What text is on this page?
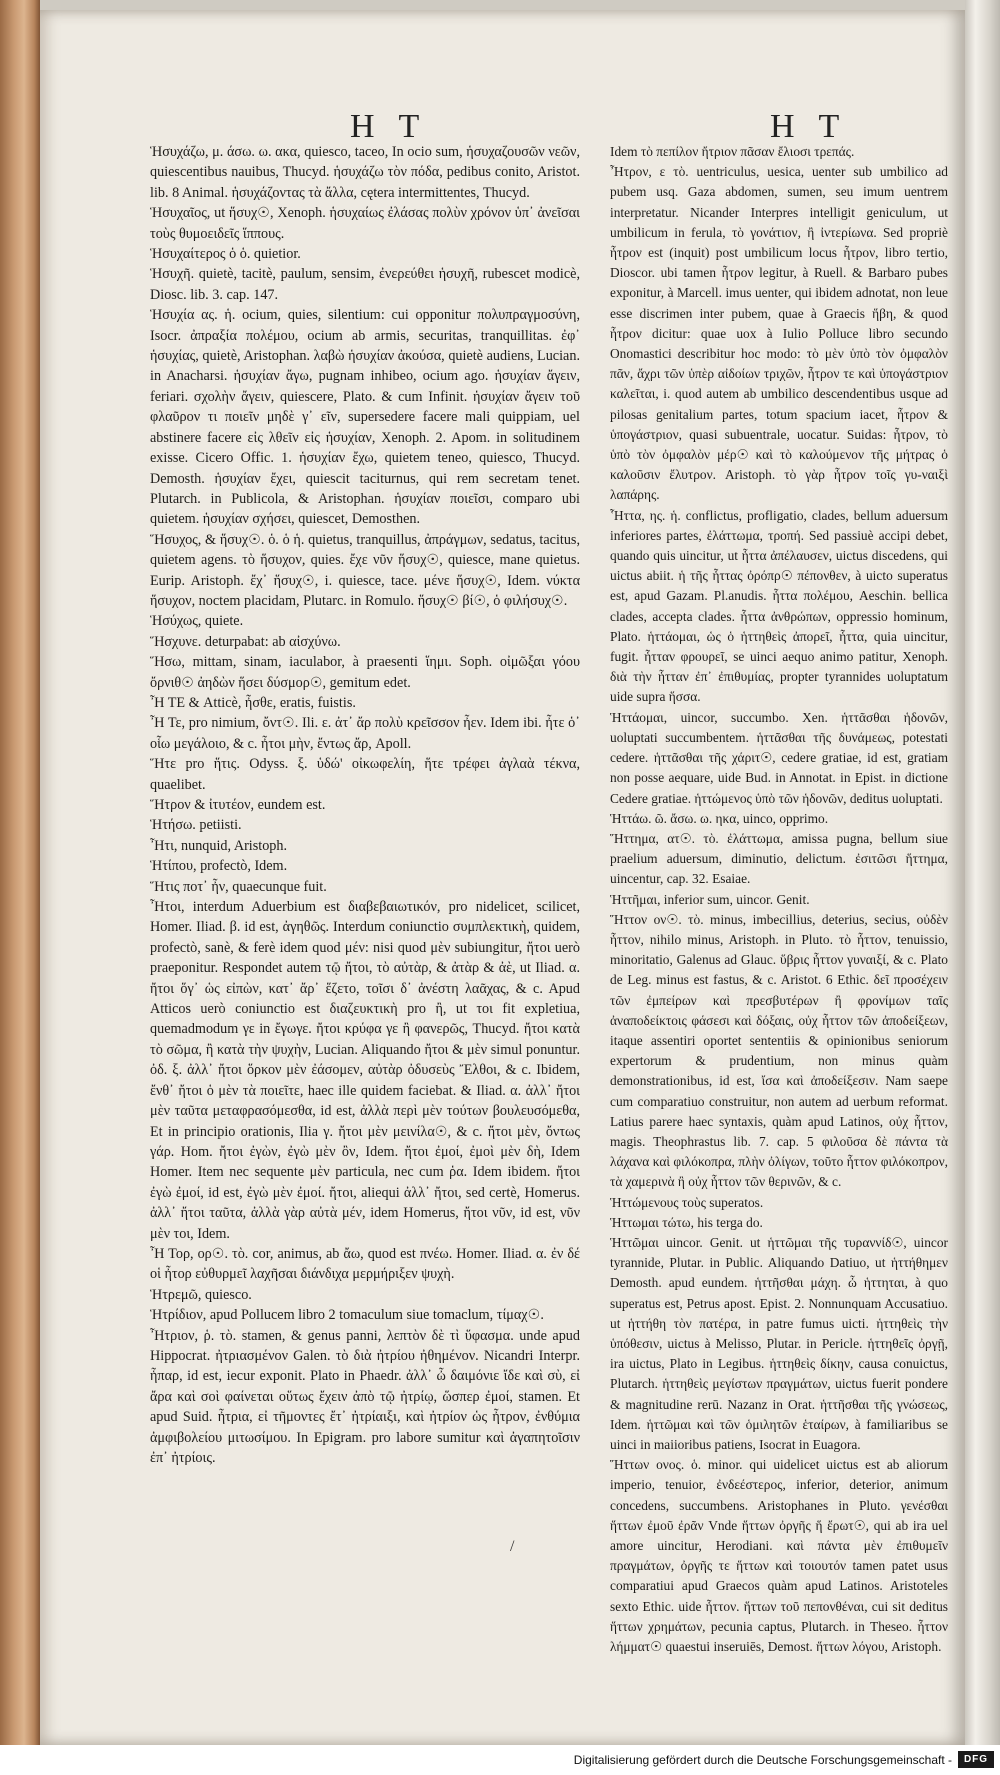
H T	H T

Ἡσυχάζω, μ. άσω. ω. ακα, quiesco, taceo, In ocio sum, ἡσυχαζουσῶν νεῶν, quiescentibus nauibus, Thucyd. ἡσυχάζω τὸν πόδα, pedibus conito, Aristot. lib. 8 Animal. ἡσυχάζοντας τὰ ἄλλα, cętera intermittentes, Thucyd.

Ἡσυχαῖος, ut ἥσυχ☉, Xenoph. ἡσυχαίως ἐλάσας πολὺν χρόνον ὑπ᾿ ἀνεῖσαι τοὺς θυμοειδεῖς ἵππους.

Ἡσυχαίτερος ὁ ὁ. quietior.

Ἡσυχῆ. quietè, tacitè, paulum, sensim, ἐνερεύθει ἡσυχῆ, rubescet modicè, Diosc. lib. 3. cap. 147.

Ἡσυχία ας. ἡ. ocium, quies, silentium: cui opponitur πολυπραγμοσύνη, Isocr. ἀπραξία πολέμου, ocium ab armis, securitas, tranquillitas. ἐφ᾿ ἡσυχίας, quietè, Aristophan. λαβὼ ἡσυχίαν ἀκούσα, quietè audiens, Lucian. in Anacharsi. ἡσυχίαν ἄγω, pugnam inhibeo, ocium ago. ἡσυχίαν ἄγειν, feriari. σχολὴν ἄγειν, quiescere, Plato. & cum Infinit. ἡσυχίαν ἄγειν τοῦ φλαῦρον τι ποιεῖν μηδὲ γ᾿ εῖν, supersedere facere mali quippiam, uel abstinere facere εἰς λθεῖν εἰς ἡσυχίαν, Xenoph. 2. Apom. in solitudinem exisse. Cicero Offic. 1. ἡσυχίαν ἔχω, quietem teneo, quiesco, Thucyd. Demosth. ἡσυχίαν ἔχει, quiescit taciturnus, qui rem secretam tenet. Plutarch. in Publicola, & Aristophan. ἡσυχίαν ποιεῖσι, comparo ubi quietem. ἡσυχίαν σχήσει, quiescet, Demosthen.

Ἥσυχος, & ἥσυχ☉. ὁ. ὁ ἡ. quietus, tranquillus, ἀπράγμων, sedatus, tacitus, quietem agens. τὸ ἥσυχον, quies. ἔχε νῦν ἥσυχ☉, quiesce, mane quietus. Eurip. Aristoph. ἔχ᾿ ἥσυχ☉, i. quiesce, tace. μένε ἥσυχ☉, Idem. νύκτα ἥσυχον, noctem placidam, Plutarc. in Romulo. ἥσυχ☉ βί☉, ὁ φιλήσυχ☉.

Ἡσύχως, quiete.

Ἥσχυνε. deturpabat: ab αἰσχύνω.

Ἥσω, mittam, sinam, iaculabor, à praesenti ἵημι. Soph. οἰμῶξαι γόου ὄρνιθ☉ ἀηδὼν ἥσει δύσμορ☉, gemitum edet.

Ἦ ΤΕ & Atticè, ἦσθε, eratis, fuistis.

Ἦ Τε, pro nimium, ὄντ☉. Ili. ε. ἀτ᾿ ἄρ πολὺ κρεῖσσον ἦεν. Idem ibi. ἦτε ὁ᾿ οἷω μεγάλοιο, & c. ἦτοι μὴν, ἔντως ἄρ, Apoll.

Ἥτε pro ἥτις. Odyss. ξ. ὑδώ' οἰκωφελίη, ἥτε τρέφει ἀγλαὰ τέκνα, quaelibet.

Ἥτρον & ἰτυτέον, eundem est.

Ἡτήσω. petiisti.

Ἦτι, nunquid, Aristoph.

Ἡτίπου, profectò, Idem.

Ἥτις ποτ᾿ ἦν, quaecunque fuit.

Ἦτοι, interdum Aduerbium est διαβεβαιωτικόν, pro nidelicet, scilicet, Homer. Iliad. β. id est, ἀγηθῶς. Interdum coniunctio συμπλεκτικὴ, quidem, profectò, sanè, & ferè idem quod μέν: nisi quod μὲν subiungitur, ἤτοι uerò praeponitur. Respondet autem τῷ ἤτοι, τὸ αὐτὰρ, & ἀτὰρ & ἀὲ, ut Iliad. α. ἤτοι ὅγ᾿ ὡς εἰπὼν, κατ᾿ ἄρ᾿ ἕζετο, τοῖσι δ᾿ ἀνέστη λαᾶχας, & c. Apud Atticos uerò coniunctio est διαζευκτικὴ pro ἢ, ut τοι fit expletiua, quemadmodum γε in ἔγωγε. ἤτοι κρύφα γε ἢ φανερῶς, Thucyd. ἤτοι κατὰ τὸ σῶμα, ἢ κατὰ τὴν ψυχὴν, Lucian. Aliquando ἤτοι & μὲν simul ponuntur. ὀδ. ξ. ἀλλ᾿ ἤτοι ὅρκον μὲν ἐάσομεν, αὐτὰρ ὀδυσεὺς Ἔλθοι, & c. Ibidem, ἔνθ᾿ ἤτοι ὁ μὲν τὰ ποιεῖτε, haec ille quidem faciebat. & Iliad. α. ἀλλ᾿ ἤτοι μὲν ταῦτα μεταφρασόμεσθα, id est, ἀλλὰ περὶ μὲν τούτων βουλευσόμεθα, Et in principio orationis, Ilia γ. ἤτοι μὲν μεινίλα☉, & c. ἤτοι μὲν, ὄντως γάρ. Hom. ἤτοι ἐγὼν, ἐγὼ μὲν ὂν, Idem. ἤτοι ἐμοί, ἐμοὶ μὲν δὴ, Idem Homer. Item nec sequente μὲν particula, nec cum ῥα. Idem ibidem. ἤτοι ἐγὼ ἐμοί, id est, ἐγὼ μὲν ἐμοί. ἤτοι, aliequi ἀλλ᾿ ἤτοι, sed certè, Homerus. ἀλλ᾿ ἤτοι ταῦτα, ἀλλὰ γὰρ αὐτὰ μέν, idem Homerus, ἤτοι νῦν, id est, νῦν μὲν τοι, Idem.

Ἦ Τορ, ορ☉. τὸ. cor, animus, ab ἄω, quod est πνέω. Homer. Iliad. α. ἐν δέ οἱ ἦτορ εὐθυρμεῖ λαχῆσαι διάνδιχα μερμήριξεν ψυχὴ.

Ἡτρεμῶ, quiesco.

Ἡτρίδιον, apud Pollucem libro 2 tomaculum siue tomaclum, τίμαχ☉.

Ἦτριον, ῥ. τὸ. stamen, & genus panni, λεπτὸν δὲ τὶ ὕφασμα. unde apud Hippocrat. ἠτριασμένον Galen. τὸ διὰ ἠτρίου ἠθημένον. Nicandri Interpr. ἧπαρ, id est, iecur exponit. Plato in Phaedr. ἀλλ᾿ ὦ δαιμόνιε ἴδε καὶ σὺ, εἰ ἄρα καὶ σοὶ φαίνεται οὕτως ἔχειν ἀπὸ τῷ ἠτρίῳ, ὥσπερ ἐμοί, stamen. Et apud Suid. ἦτρια, εἰ τῆμοντες ἔτ᾿ ἠτρίαιξι, καὶ ἠτρίον ὡς ἦτρον, ἐνθύμια ἀμφιβολείου μιτωσίμου. In Epigram. pro labore sumitur καὶ ἀγαπητοῖσιν ἐπ᾿ ἠτρίοις.

Idem τὸ πεπίλον ἤτριον πᾶσαν ἔλιοσι τρεπάς.

Ἦτρον, ε τὸ. uentriculus, uesica, uenter sub umbilico ad pubem usq. Gaza abdomen, sumen, seu imum uentrem interpretatur. Nicander Interpres intelligit geniculum, ut umbilicum in ferula, τὸ γονάτιον, ἢ ἰντερίωνα. Sed propriè ἦτρον est (inquit) post umbilicum locus ἦτρον, libro tertio, Dioscor. ubi tamen ἦτρον legitur, à Ruell. & Barbaro pubes exponitur, à Marcell. imus uenter, qui ibidem adnotat, non leue esse discrimen inter pubem, quae à Graecis ἥβη, & quod ἦτρον dicitur: quae uox à Iulio Polluce libro secundo Onomastici describitur hoc modo: τὸ μὲν ὑπὸ τὸν ὀμφαλὸν πᾶν, ἄχρι τῶν ὑπὲρ αἰδοίων τριχῶν, ἦτρον τε καὶ ὑπογάστριον καλεῖται, i. quod autem ab umbilico descendentibus usque ad pilosas genitalium partes, totum spacium iacet, ἦτρον & ὑπογάστριον, quasi subuentrale, uocatur. Suidas: ἦτρον, τὸ ὑπὸ τὸν ὀμφαλὸν μέρ☉ καὶ τὸ καλούμενον τῆς μήτρας ὁ καλοῦσιν ἔλυτρον. Aristoph. τὸ γὰρ ἦτρον τοῖς γυ-ναιξὶ λαπάρης.

Ἧττα, ης. ἡ. conflictus, profligatio, clades, bellum aduersum inferiores partes, ἐλάττωμα, τροπή. Sed passiuè accipi debet, quando quis uincitur, ut ἧττα ἀπέλαυσεν, uictus discedens, qui uictus abiit. ἡ τῆς ἧττας ὀρόπρ☉ πέπονθεν, à uicto superatus est, apud Gazam. Pl.anudis. ἧττα πολέμου, Aeschin. bellica clades, accepta clades. ἧττα ἀνθρώπων, oppressio hominum, Plato. ἡττάομαι, ὡς ὁ ἡττηθεὶς ἀπορεῖ, ἧττα, quia uincitur, fugit. ἧτταν φρουρεῖ, se uinci aequo animo patitur, Xenoph. διὰ τὴν ἧτταν ἐπ᾿ ἐπιθυμίας, propter tyrannides uoluptatum uide supra ἥσσα.

Ἡττάομαι, uincor, succumbo. Xen. ἡττᾶσθαι ἡδονῶν, uoluptati succumbentem. ἡττᾶσθαι τῆς δυνάμεως, potestati cedere. ἡττᾶσθαι τῆς χάριτ☉, cedere gratiae, id est, gratiam non posse aequare, uide Bud. in Annotat. in Epist. in dictione Cedere gratiae. ἡττώμενος ὑπὸ τῶν ἡδονῶν, deditus uoluptati.

Ἡττάω. ῶ. ἄσω. ω. ηκα, uinco, opprimo.

Ἥττημα, ατ☉. τὸ. ἐλάττωμα, amissa pugna, bellum siue praelium aduersum, diminutio, delictum. ἐσιτῶσι ἥττημα, uincentur, cap. 32. Esaiae.

Ἡττῆμαι, inferior sum, uincor. Genit.

Ἥττον ον☉. τὸ. minus, imbecillius, deterius, secius, οὐδὲν ἧττον, nihilo minus, Aristoph. in Pluto. τὸ ἧττον, tenuissio, minoritatio, Galenus ad Glauc. ὕβρις ἧττον γυναιξί, & c. Plato de Leg. minus est fastus, & c. Aristot. 6 Ethic. δεῖ προσέχειν τῶν ἐμπείρων καὶ πρεσβυτέρων ἢ φρονίμων ταῖς ἀναποδείκτοις φάσεσι καὶ δόξαις, οὐχ ἧττον τῶν ἀποδείξεων, itaque assentiri oportet sententiis & opinionibus seniorum expertorum & prudentium, non minus quàm demonstrationibus, id est, ἴσα καὶ ἀποδείξεσιν. Nam saepe cum comparatiuo construitur, non autem ad uerbum reformat. Latius parere haec syntaxis, quàm apud Latinos, οὐχ ἧττον, magis. Theophrastus lib. 7. cap. 5 φιλοῦσα δὲ πάντα τὰ λάχανα καὶ φιλόκοπρα, πλὴν ὀλίγων, τοῦτο ἧττον φιλόκοπρον, τὰ χαμερινὰ ἢ οὐχ ἧττον τῶν θερινῶν, & c.

Ἡττώμενους τοὺς superatos.

Ἡττωμαι τώτω, his terga do.

Ἡττῶμαι uincor. Genit. ut ἡττῶμαι τῆς τυραννίδ☉, uincor tyrannide, Plutar. in Public. Aliquando Datiuo, ut ἡττήθημεν Demosth. apud eundem. ἡττῆσθαι μάχη. ὦ ἡττηται, à quo superatus est, Petrus apost. Epist. 2. Nonnunquam Accusatiuo. ut ἡττήθη τὸν πατέρα, in patre fumus uicti. ἡττηθεὶς τὴν ὑπόθεσιν, uictus à Melisso, Plutar. in Pericle. ἡττηθεῖς ὀργῇ, ira uictus, Plato in Legibus. ἡττηθεὶς δίκην, causa conuictus, Plutarch. ἡττηθεὶς μεγίστων πραγμάτων, uictus fuerit pondere & magnitudine rerū. Nazanz in Orat. ἡττῆσθαι τῆς γνώσεως, Idem. ἡττῶμαι καὶ τῶν ὁμιλητῶν ἑταίρων, à familiaribus se uinci in maiioribus patiens, Isocrat in Euagora.

Ἥττων ονος. ὁ. minor. qui uidelicet uictus est ab aliorum imperio, tenuior, ἐνδεέστερος, inferior, deterior, animum concedens, succumbens. Aristophanes in Pluto. γενέσθαι ἥττων ἐμοῦ ἐρᾶν Vnde ἥττων ὀργῆς ἥ ἔρωτ☉, qui ab ira uel amore uincitur, Herodiani. καὶ πάντα μὲν ἐπιθυμεῖν πραγμάτων, ὀργῆς τε ἥττων καὶ τοιουτόν tamen patet usus comparatiui apud Graecos quàm apud Latinos. Aristoteles sexto Ethic. uide ἧττον. ἥττων τοῦ πεπονθέναι, cui sit deditus ἥττων χρημάτων, pecunia captus, Plutarch. in Theseo. ἧττον λήμματ☉ quaestui inseruiēs, Demost. ἥττων λόγου, Aristoph.

/
Digitalisierung gefördert durch die Deutsche Forschungsgemeinschaft -	DFG
